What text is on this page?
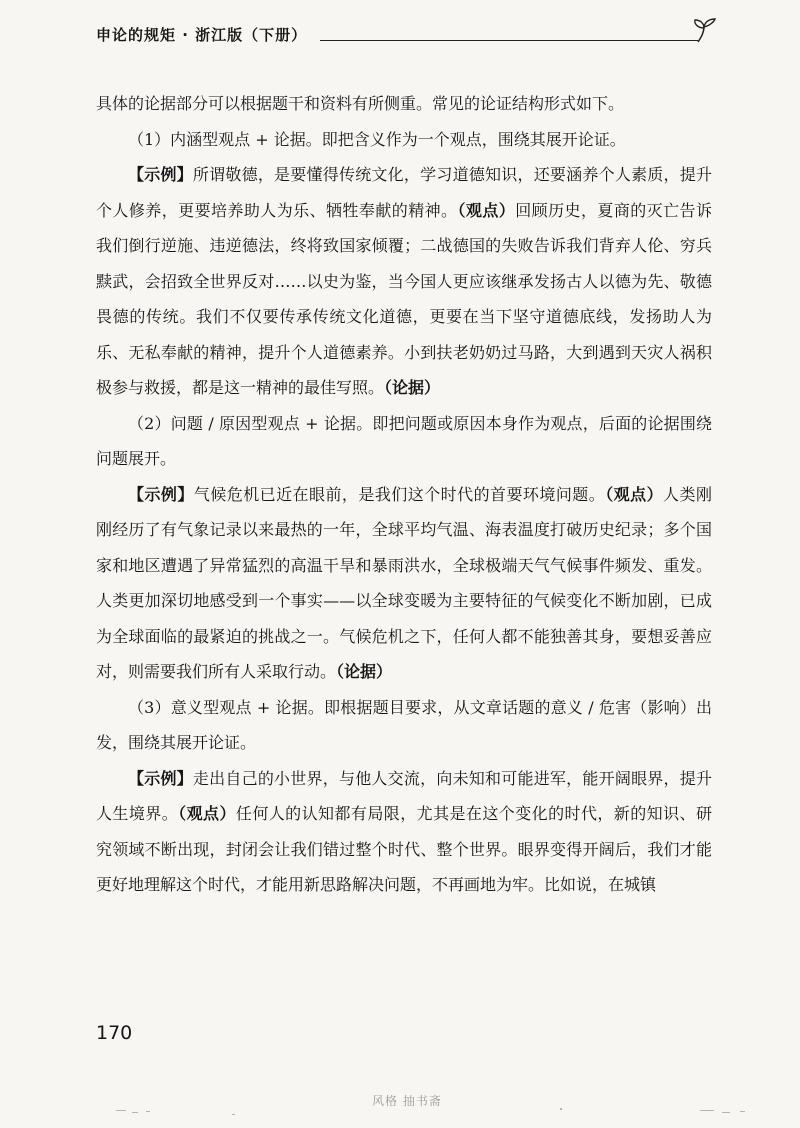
申论的规矩 · 浙江版（下册）

具体的论据部分可以根据题干和资料有所侧重。常见的论证结构形式如下。

（1）内涵型观点 + 论据。即把含义作为一个观点，围绕其展开论证。

【示例】所谓敬德，是要懂得传统文化，学习道德知识，还要涵养个人素质，提升个人修养，更要培养助人为乐、牺牲奉献的精神。（观点）回顾历史，夏商的灭亡告诉我们倒行逆施、违逆德法，终将致国家倾覆；二战德国的失败告诉我们背弃人伦、穷兵黩武，会招致全世界反对……以史为鉴，当今国人更应该继承发扬古人以德为先、敬德畏德的传统。我们不仅要传承传统文化道德，更要在当下坚守道德底线，发扬助人为乐、无私奉献的精神，提升个人道德素养。小到扶老奶奶过马路，大到遇到天灾人祸积极参与救援，都是这一精神的最佳写照。（论据）

（2）问题 / 原因型观点 + 论据。即把问题或原因本身作为观点，后面的论据围绕问题展开。

【示例】气候危机已近在眼前，是我们这个时代的首要环境问题。（观点）人类刚刚经历了有气象记录以来最热的一年，全球平均气温、海表温度打破历史纪录；多个国家和地区遭遇了异常猛烈的高温干旱和暴雨洪水，全球极端天气气候事件频发、重发。人类更加深切地感受到一个事实——以全球变暖为主要特征的气候变化不断加剧，已成为全球面临的最紧迫的挑战之一。气候危机之下，任何人都不能独善其身，要想妥善应对，则需要我们所有人采取行动。（论据）

（3）意义型观点 + 论据。即根据题目要求，从文章话题的意义 / 危害（影响）出发，围绕其展开论证。

【示例】走出自己的小世界，与他人交流，向未知和可能进军，能开阔眼界，提升人生境界。（观点）任何人的认知都有局限，尤其是在这个变化的时代，新的知识、研究领域不断出现，封闭会让我们错过整个时代、整个世界。眼界变得开阔后，我们才能更好地理解这个时代，才能用新思路解决问题，不再画地为牢。比如说，在城镇

170
风格 抽书斋
